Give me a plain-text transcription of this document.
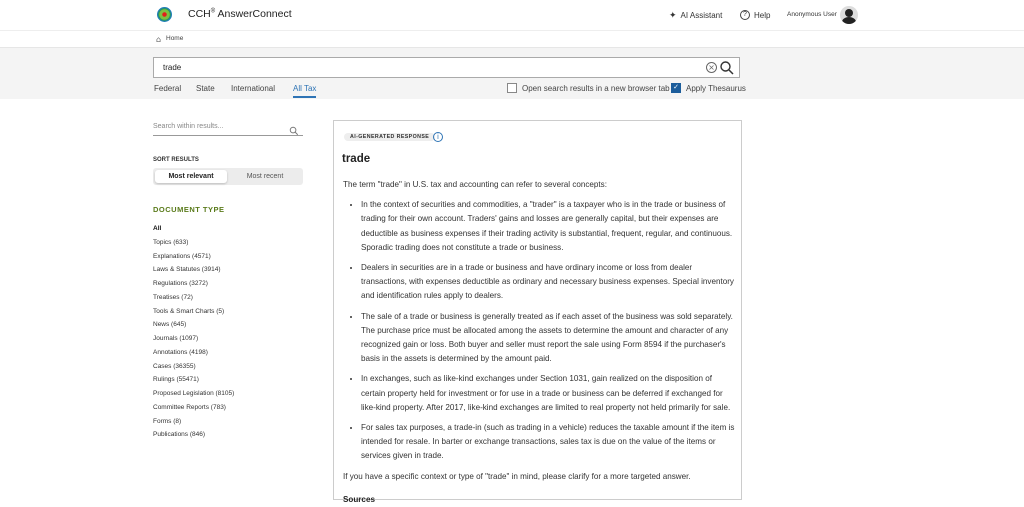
CCH® AnswerConnect	✦ AI Assistant	? Help	Anonymous User
⌂ Home
trade	×
Federal State International All Tax	Open search results in a new browser tab ✓ Apply Thesaurus
Search within results...
SORT RESULTS
Most relevant	Most recent
DOCUMENT TYPE
All
Topics (633)
Explanations (4571)
Laws & Statutes (3914)
Regulations (3272)
Treatises (72)
Tools & Smart Charts (5)
News (645)
Journals (1097)
Annotations (4198)
Cases (36355)
Rulings (55471)
Proposed Legislation (8105)
Committee Reports (783)
Forms (8)
Publications (846)
AI-GENERATED RESPONSE	i
trade

The term "trade" in U.S. tax and accounting can refer to several concepts:

• In the context of securities and commodities, a "trader" is a taxpayer who is in the trade or business of trading for their own account. Traders' gains and losses are generally capital, but their expenses are deductible as business expenses if their trading activity is substantial, frequent, regular, and continuous. Sporadic trading does not constitute a trade or business.
• Dealers in securities are in a trade or business and have ordinary income or loss from dealer transactions, with expenses deductible as ordinary and necessary business expenses. Special inventory and identification rules apply to dealers.
• The sale of a trade or business is generally treated as if each asset of the business was sold separately. The purchase price must be allocated among the assets to determine the amount and character of any recognized gain or loss. Both buyer and seller must report the sale using Form 8594 if the purchaser's basis in the assets is determined by the amount paid.
• In exchanges, such as like-kind exchanges under Section 1031, gain realized on the disposition of certain property held for investment or for use in a trade or business can be deferred if exchanged for like-kind property. After 2017, like-kind exchanges are limited to real property not held primarily for sale.
• For sales tax purposes, a trade-in (such as trading in a vehicle) reduces the taxable amount if the item is intended for resale. In barter or exchange transactions, sales tax is due on the value of the items or services given in trade.

If you have a specific context or type of "trade" in mind, please clarify for a more targeted answer.

Sources
